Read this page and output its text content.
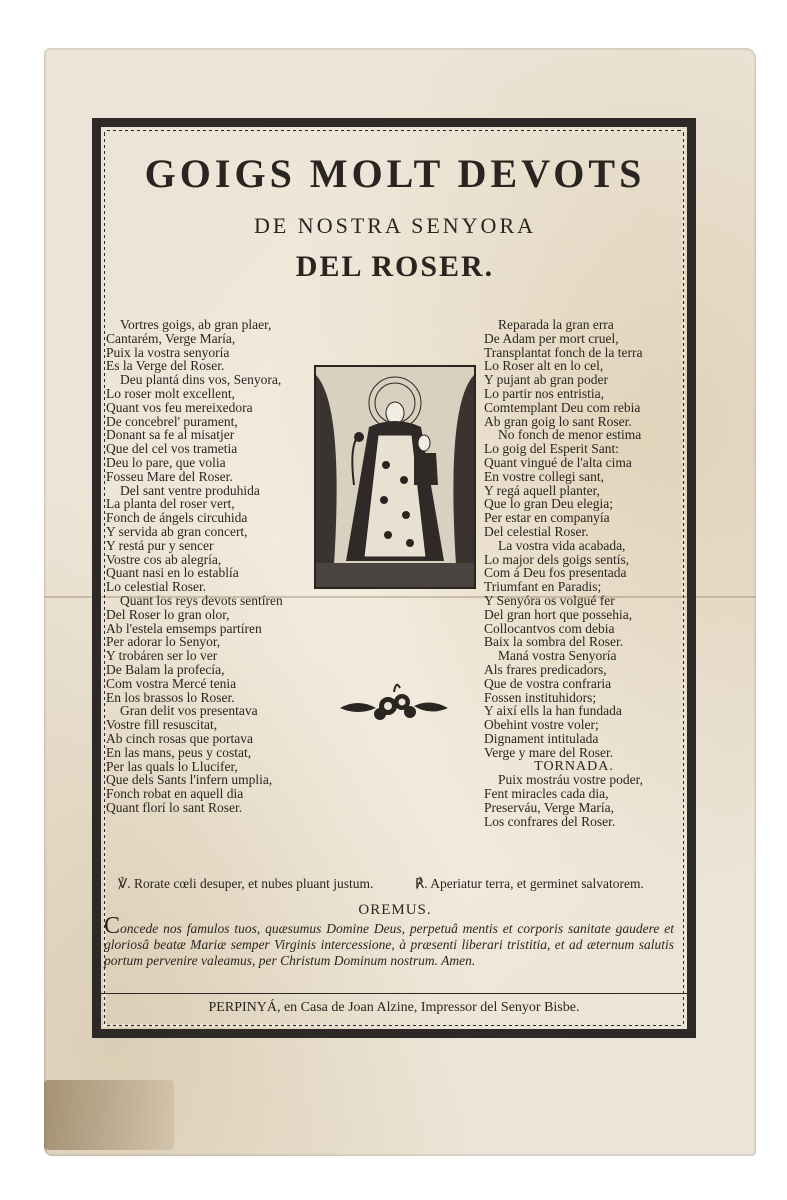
GOIGS MOLT DEVOTS
DE NOSTRA SENYORA
DEL ROSER.
Vortres goigs, ab gran plaer,
Cantarém, Verge María,
Puix la vostra senyoría
Es la Verge del Roser.
Deu plantá dins vos, Senyora,
Lo roser molt excellent,
Quant vos feu mereixedora
De concebrel' purament,
Donant sa fe al misatjer
Que del cel vos trametia
Deu lo pare, que volia
Fosseu Mare del Roser.
Del sant ventre produhida
La planta del roser vert,
Fonch de ángels circuhida
Y servida ab gran concert,
Y restá pur y sencer
Vostre cos ab alegría,
Quant nasi en lo establía
Lo celestial Roser.
Quant los reys devots sentíren
Del Roser lo gran olor,
Ab l'estela emsemps partíren
Per adorar lo Senyor,
Y trobáren ser lo ver
De Balam la profecía,
Com vostra Mercé tenia
En los brassos lo Roser.
Gran delit vos presentava
Vostre fill resuscitat,
Ab cinch rosas que portava
En las mans, peus y costat,
Per las quals lo Llucifer,
Que dels Sants l'infern umplia,
Fonch robat en aquell dia
Quant florí lo sant Roser.
Reparada la gran erra
De Adam per mort cruel,
Transplantat fonch de la terra
Lo Roser alt en lo cel,
Y pujant ab gran poder
Lo partir nos entristia,
Comtemplant Deu com rebia
Ab gran goig lo sant Roser.
No fonch de menor estima
Lo goig del Esperit Sant:
Quant vingué de l'alta cima
En vostre collegi sant,
Y regá aquell planter,
Que lo gran Deu elegia;
Per estar en companyía
Del celestial Roser.
La vostra vida acabada,
Lo major dels goigs sentís,
Com á Deu fos presentada
Triumfant en Paradis;
Y Senyóra os volgué fer
Del gran hort que possehia,
Collocantvos com debia
Baix la sombra del Roser.
Maná vostra Senyoría
Als frares predicadors,
Que de vostra confraria
Fossen instituhidors;
Y així ells la han fundada
Obehint vostre voler;
Dignament intitulada
Verge y mare del Roser.
TORNADA.
Puix mostráu vostre poder,
Fent miracles cada dia,
Preserváu, Verge María,
Los confrares del Roser.
℣. Rorate cœli desuper, et nubes pluant justum.	℟. Aperiatur terra, et germinet salvatorem.
OREMUS.
Concede nos famulos tuos, quæsumus Domine Deus, perpetuâ mentis et corporis sanitate gaudere et gloriosâ beatæ Mariæ semper Virginis intercessione, à præsenti liberari tristitia, et ad æternum salutis portum pervenire valeamus, per Christum Dominum nostrum. Amen.
PERPINYÁ, en Casa de Joan Alzine, Impressor del Senyor Bisbe.
